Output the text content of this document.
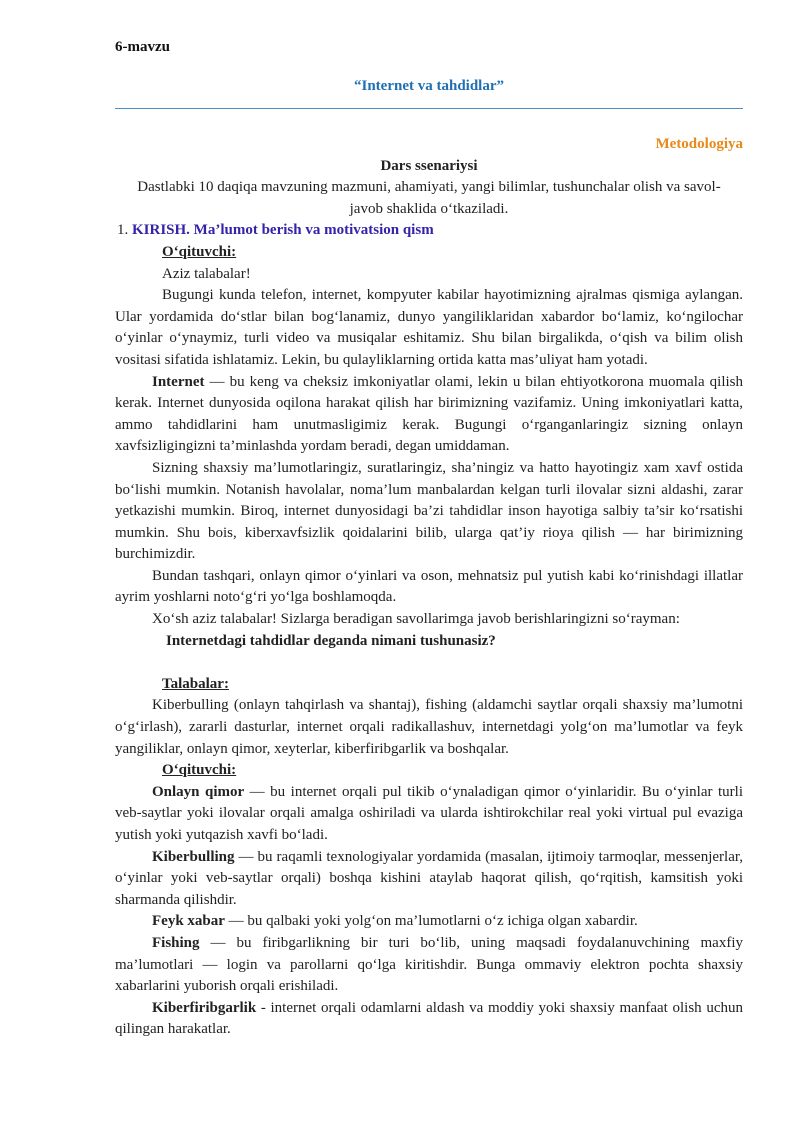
6-mavzu
“Internet va tahdidlar”

Metodologiya

Dars ssenariysi

Dastlabki 10 daqiqa mavzuning mazmuni, ahamiyati, yangi bilimlar, tushunchalar olish va savol-javob shaklida o‘tkaziladi.

1. KIRISH. Ma’lumot berish va motivatsion qism

O‘qituvchi:

Aziz talabalar!

Bugungi kunda telefon, internet, kompyuter kabilar hayotimizning ajralmas qismiga aylangan. Ular yordamida do‘stlar bilan bog‘lanamiz, dunyo yangiliklaridan xabardor bo‘lamiz, ko‘ngilochar o‘yinlar o‘ynaymiz, turli video va musiqalar eshitamiz. Shu bilan birgalikda, o‘qish va bilim olish vositasi sifatida ishlatamiz. Lekin, bu qulayliklarning ortida katta mas’uliyat ham yotadi.

Internet — bu keng va cheksiz imkoniyatlar olami, lekin u bilan ehtiyotkorona muomala qilish kerak. Internet dunyosida oqilona harakat qilish har birimizning vazifamiz. Uning imkoniyatlari katta, ammo tahdidlarini ham unutmasligimiz kerak. Bugungi o‘rganganlaringiz sizning onlayn xavfsizligingizni ta’minlashda yordam beradi, degan umiddaman.

Sizning shaxsiy ma’lumotlaringiz, suratlaringiz, sha’ningiz va hatto hayotingiz xam xavf ostida bo‘lishi mumkin. Notanish havolalar, noma’lum manbalardan kelgan turli ilovalar sizni aldashi, zarar yetkazishi mumkin. Biroq, internet dunyosidagi ba’zi tahdidlar inson hayotiga salbiy ta’sir ko‘rsatishi mumkin. Shu bois, kiberxavfsizlik qoidalarini bilib, ularga qat’iy rioya qilish — har birimizning burchimizdir.

Bundan tashqari, onlayn qimor o‘yinlari va oson, mehnatsiz pul yutish kabi ko‘rinishdagi illatlar ayrim yoshlarni noto‘g‘ri yo‘lga boshlamoqda.

Xo‘sh aziz talabalar! Sizlarga beradigan savollarimga javob berishlaringizni so‘rayman:

Internetdagi tahdidlar deganda nimani tushunasiz?

Talabalar:

Kiberbulling (onlayn tahqirlash va shantaj), fishing (aldamchi saytlar orqali shaxsiy ma’lumotni o‘g‘irlash), zararli dasturlar, internet orqali radikallashuv, internetdagi yolg‘on ma’lumotlar va feyk yangiliklar, onlayn qimor, xeyterlar, kiberfiribgarlik va boshqalar.

O‘qituvchi:

Onlayn qimor — bu internet orqali pul tikib o‘ynaladigan qimor o‘yinlaridir. Bu o‘yinlar turli veb-saytlar yoki ilovalar orqali amalga oshiriladi va ularda ishtirokchilar real yoki virtual pul evaziga yutish yoki yutqazish xavfi bo‘ladi.

Kiberbulling — bu raqamli texnologiyalar yordamida (masalan, ijtimoiy tarmoqlar, messenjerlar, o‘yinlar yoki veb-saytlar orqali) boshqa kishini ataylab haqorat qilish, qo‘rqitish, kamsitish yoki sharmanda qilishdir.

Feyk xabar — bu qalbaki yoki yolg‘on ma’lumotlarni o‘z ichiga olgan xabardir.

Fishing — bu firibgarlikning bir turi bo‘lib, uning maqsadi foydalanuvchining maxfiy ma’lumotlari — login va parollarni qo‘lga kiritishdir. Bunga ommaviy elektron pochta shaxsiy xabarlarini yuborish orqali erishiladi.

Kiberfiribgarlik - internet orqali odamlarni aldash va moddiy yoki shaxsiy manfaat olish uchun qilingan harakatlar.
